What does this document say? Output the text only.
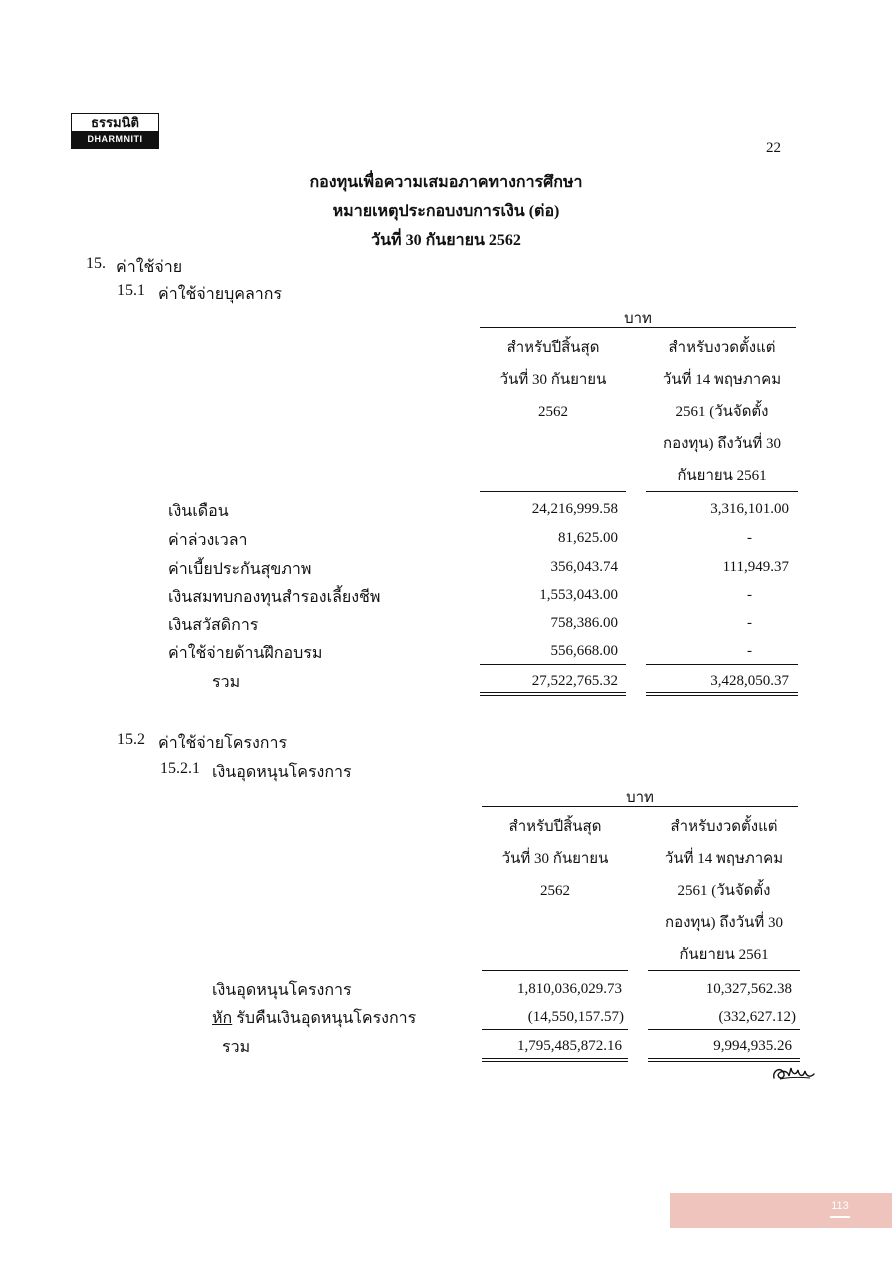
ธรรมนิติ
DHARMNITI
22
กองทุนเพื่อความเสมอภาคทางการศึกษา
หมายเหตุประกอบงบการเงิน (ต่อ)
วันที่ 30 กันยายน 2562
15. ค่าใช้จ่าย
15.1 ค่าใช้จ่ายบุคลากร
บาท
สำหรับปีสิ้นสุด
วันที่ 30 กันยายน
2562
สำหรับงวดตั้งแต่
วันที่ 14 พฤษภาคม
2561 (วันจัดตั้ง
กองทุน) ถึงวันที่ 30
กันยายน 2561
เงินเดือน	24,216,999.58	3,316,101.00
ค่าล่วงเวลา	81,625.00	-
ค่าเบี้ยประกันสุขภาพ	356,043.74	111,949.37
เงินสมทบกองทุนสำรองเลี้ยงชีพ	1,553,043.00	-
เงินสวัสดิการ	758,386.00	-
ค่าใช้จ่ายด้านฝึกอบรม	556,668.00	-
รวม	27,522,765.32	3,428,050.37
15.2 ค่าใช้จ่ายโครงการ
15.2.1 เงินอุดหนุนโครงการ
บาท
สำหรับปีสิ้นสุด
วันที่ 30 กันยายน
2562
สำหรับงวดตั้งแต่
วันที่ 14 พฤษภาคม
2561 (วันจัดตั้ง
กองทุน) ถึงวันที่ 30
กันยายน 2561
เงินอุดหนุนโครงการ	1,810,036,029.73	10,327,562.38
หัก รับคืนเงินอุดหนุนโครงการ	(14,550,157.57)	(332,627.12)
รวม	1,795,485,872.16	9,994,935.26
113
